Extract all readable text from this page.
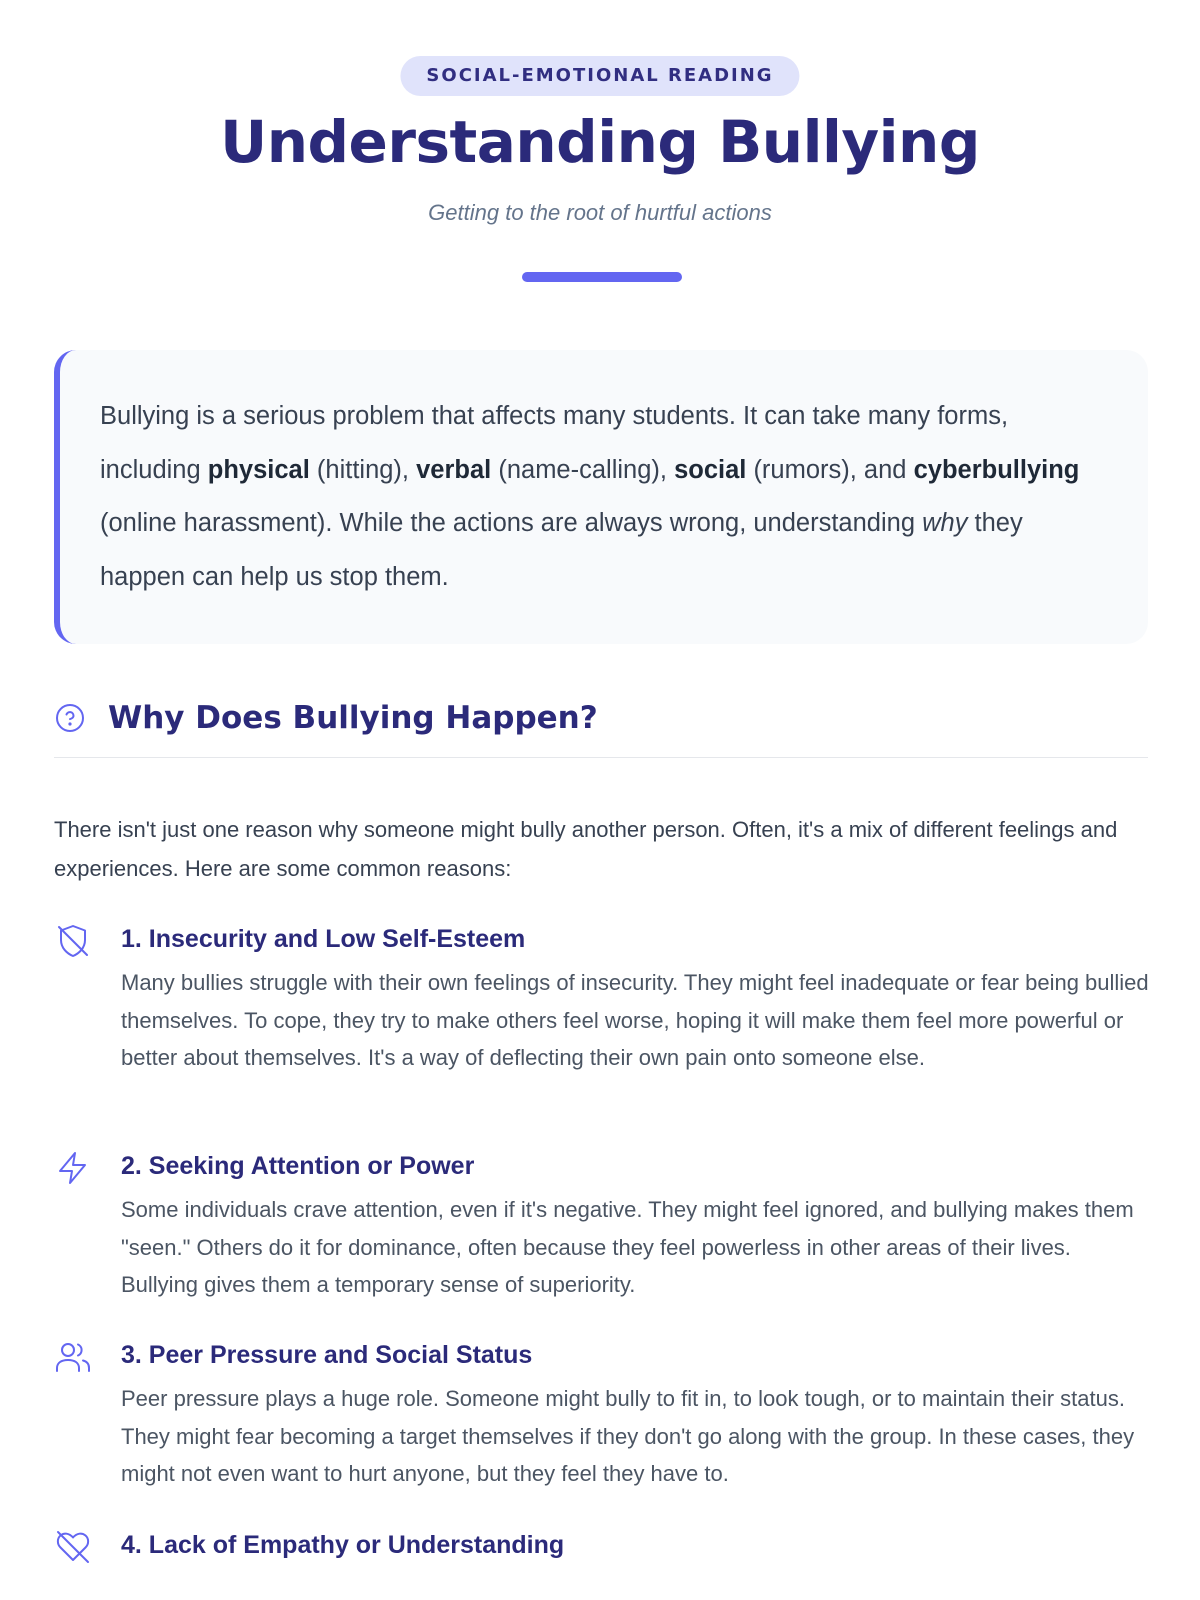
SOCIAL-EMOTIONAL READING
Understanding Bullying
Getting to the root of hurtful actions

Bullying is a serious problem that affects many students. It can take many forms, including physical (hitting), verbal (name-calling), social (rumors), and cyberbullying (online harassment). While the actions are always wrong, understanding why they happen can help us stop them.

Why Does Bullying Happen?

There isn't just one reason why someone might bully another person. Often, it's a mix of different feelings and experiences. Here are some common reasons:

1. Insecurity and Low Self-Esteem

Many bullies struggle with their own feelings of insecurity. They might feel inadequate or fear being bullied themselves. To cope, they try to make others feel worse, hoping it will make them feel more powerful or better about themselves. It's a way of deflecting their own pain onto someone else.

2. Seeking Attention or Power

Some individuals crave attention, even if it's negative. They might feel ignored, and bullying makes them "seen." Others do it for dominance, often because they feel powerless in other areas of their lives. Bullying gives them a temporary sense of superiority.

3. Peer Pressure and Social Status

Peer pressure plays a huge role. Someone might bully to fit in, to look tough, or to maintain their status. They might fear becoming a target themselves if they don't go along with the group. In these cases, they might not even want to hurt anyone, but they feel they have to.

4. Lack of Empathy or Understanding
